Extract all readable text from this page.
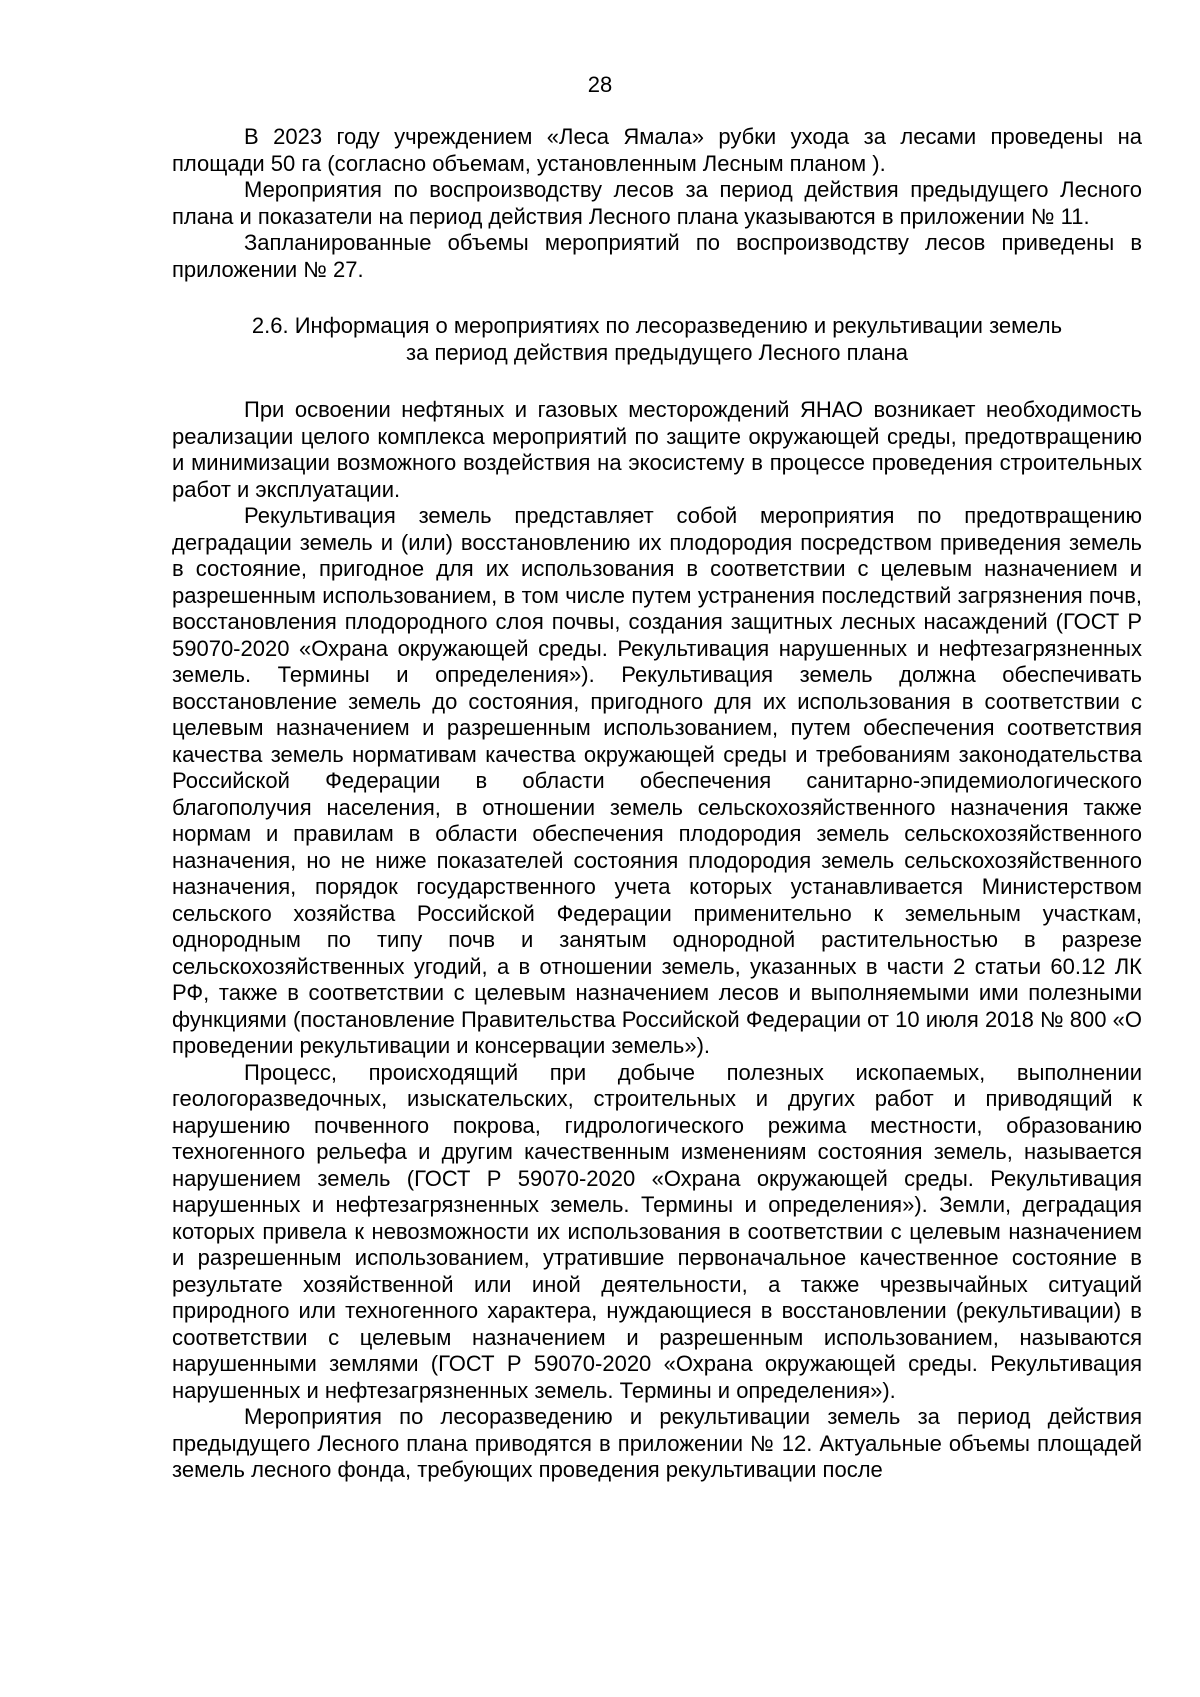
28

В 2023 году учреждением «Леса Ямала» рубки ухода за лесами проведены на площади 50 га (согласно объемам, установленным Лесным планом ).

Мероприятия по воспроизводству лесов за период действия предыдущего Лесного плана и показатели на период действия Лесного плана указываются в приложении № 11.

Запланированные объемы мероприятий по воспроизводству лесов приведены в приложении № 27.

2.6. Информация о мероприятиях по лесоразведению и рекультивации земель
за период действия предыдущего Лесного плана

При освоении нефтяных и газовых месторождений ЯНАО возникает необходимость реализации целого комплекса мероприятий по защите окружающей среды, предотвращению и минимизации возможного воздействия на экосистему в процессе проведения строительных работ и эксплуатации.

Рекультивация земель представляет собой мероприятия по предотвращению деградации земель и (или) восстановлению их плодородия посредством приведения земель в состояние, пригодное для их использования в соответствии с целевым назначением и разрешенным использованием, в том числе путем устранения последствий загрязнения почв, восстановления плодородного слоя почвы, создания защитных лесных насаждений (ГОСТ Р 59070-2020 «Охрана окружающей среды. Рекультивация нарушенных и нефтезагрязненных земель. Термины и определения»). Рекультивация земель должна обеспечивать восстановление земель до состояния, пригодного для их использования в соответствии с целевым назначением и разрешенным использованием, путем обеспечения соответствия качества земель нормативам качества окружающей среды и требованиям законодательства Российской Федерации в области обеспечения санитарно-эпидемиологического благополучия населения, в отношении земель сельскохозяйственного назначения также нормам и правилам в области обеспечения плодородия земель сельскохозяйственного назначения, но не ниже показателей состояния плодородия земель сельскохозяйственного назначения, порядок государственного учета которых устанавливается Министерством сельского хозяйства Российской Федерации применительно к земельным участкам, однородным по типу почв и занятым однородной растительностью в разрезе сельскохозяйственных угодий, а в отношении земель, указанных в части 2 статьи 60.12 ЛК РФ, также в соответствии с целевым назначением лесов и выполняемыми ими полезными функциями (постановление Правительства Российской Федерации от 10 июля 2018 № 800 «О проведении рекультивации и консервации земель»).

Процесс, происходящий при добыче полезных ископаемых, выполнении геологоразведочных, изыскательских, строительных и других работ и приводящий к нарушению почвенного покрова, гидрологического режима местности, образованию техногенного рельефа и другим качественным изменениям состояния земель, называется нарушением земель (ГОСТ Р 59070-2020 «Охрана окружающей среды. Рекультивация нарушенных и нефтезагрязненных земель. Термины и определения»). Земли, деградация которых привела к невозможности их использования в соответствии с целевым назначением и разрешенным использованием, утратившие первоначальное качественное состояние в результате хозяйственной или иной деятельности, а также чрезвычайных ситуаций природного или техногенного характера, нуждающиеся в восстановлении (рекультивации) в соответствии с целевым назначением и разрешенным использованием, называются нарушенными землями (ГОСТ Р 59070-2020 «Охрана окружающей среды. Рекультивация нарушенных и нефтезагрязненных земель. Термины и определения»).

Мероприятия по лесоразведению и рекультивации земель за период действия предыдущего Лесного плана приводятся в приложении № 12. Актуальные объемы площадей земель лесного фонда, требующих проведения рекультивации после
